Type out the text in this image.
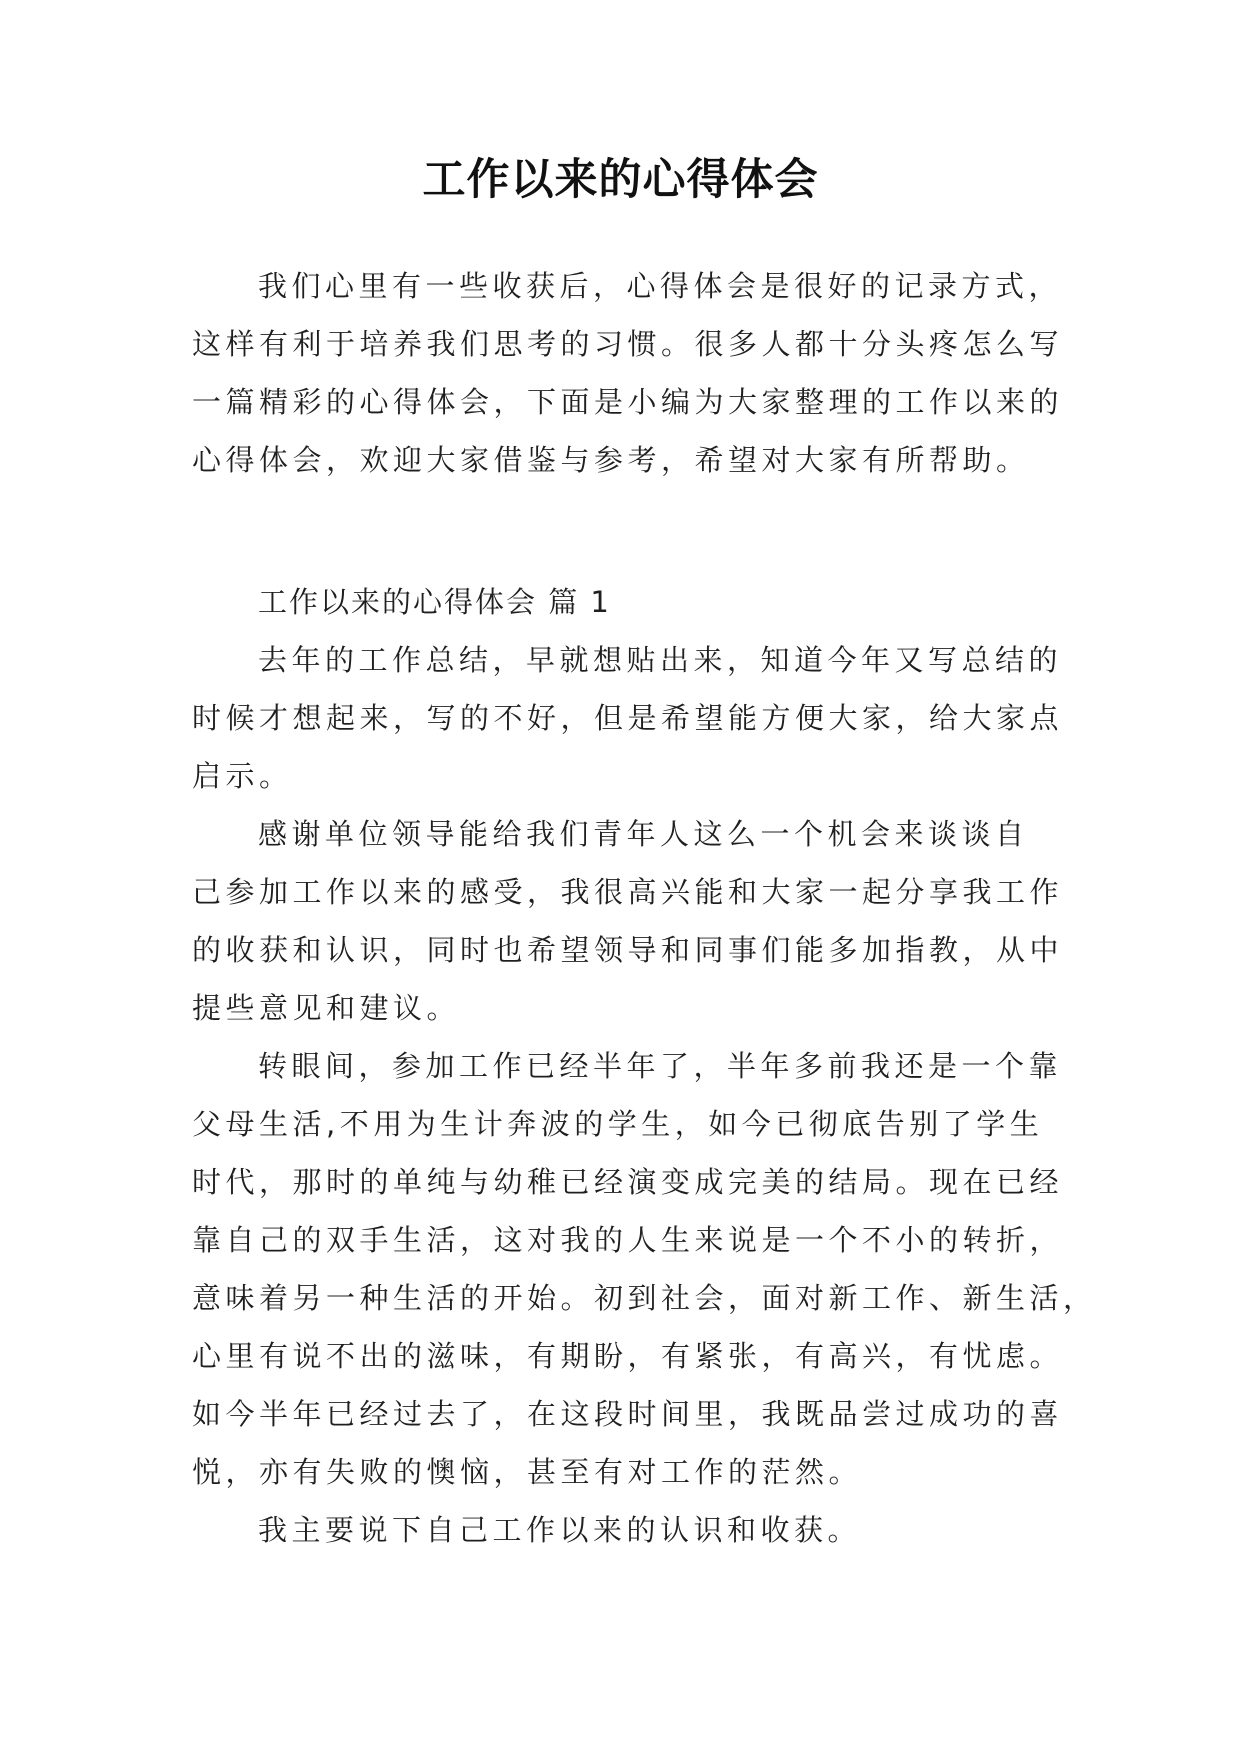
工作以来的心得体会
我们心里有一些收获后，心得体会是很好的记录方式，
这样有利于培养我们思考的习惯。很多人都十分头疼怎么写
一篇精彩的心得体会，下面是小编为大家整理的工作以来的
心得体会，欢迎大家借鉴与参考，希望对大家有所帮助。
工作以来的心得体会 篇 1
去年的工作总结，早就想贴出来，知道今年又写总结的
时候才想起来，写的不好，但是希望能方便大家，给大家点
启示。
感谢单位领导能给我们青年人这么一个机会来谈谈自
己参加工作以来的感受，我很高兴能和大家一起分享我工作
的收获和认识，同时也希望领导和同事们能多加指教，从中
提些意见和建议。
转眼间，参加工作已经半年了，半年多前我还是一个靠
父母生活,不用为生计奔波的学生，如今已彻底告别了学生
时代，那时的单纯与幼稚已经演变成完美的结局。现在已经
靠自己的双手生活，这对我的人生来说是一个不小的转折，
意味着另一种生活的开始。初到社会，面对新工作、新生活，
心里有说不出的滋味，有期盼，有紧张，有高兴，有忧虑。
如今半年已经过去了，在这段时间里，我既品尝过成功的喜
悦，亦有失败的懊恼，甚至有对工作的茫然。
我主要说下自己工作以来的认识和收获。
